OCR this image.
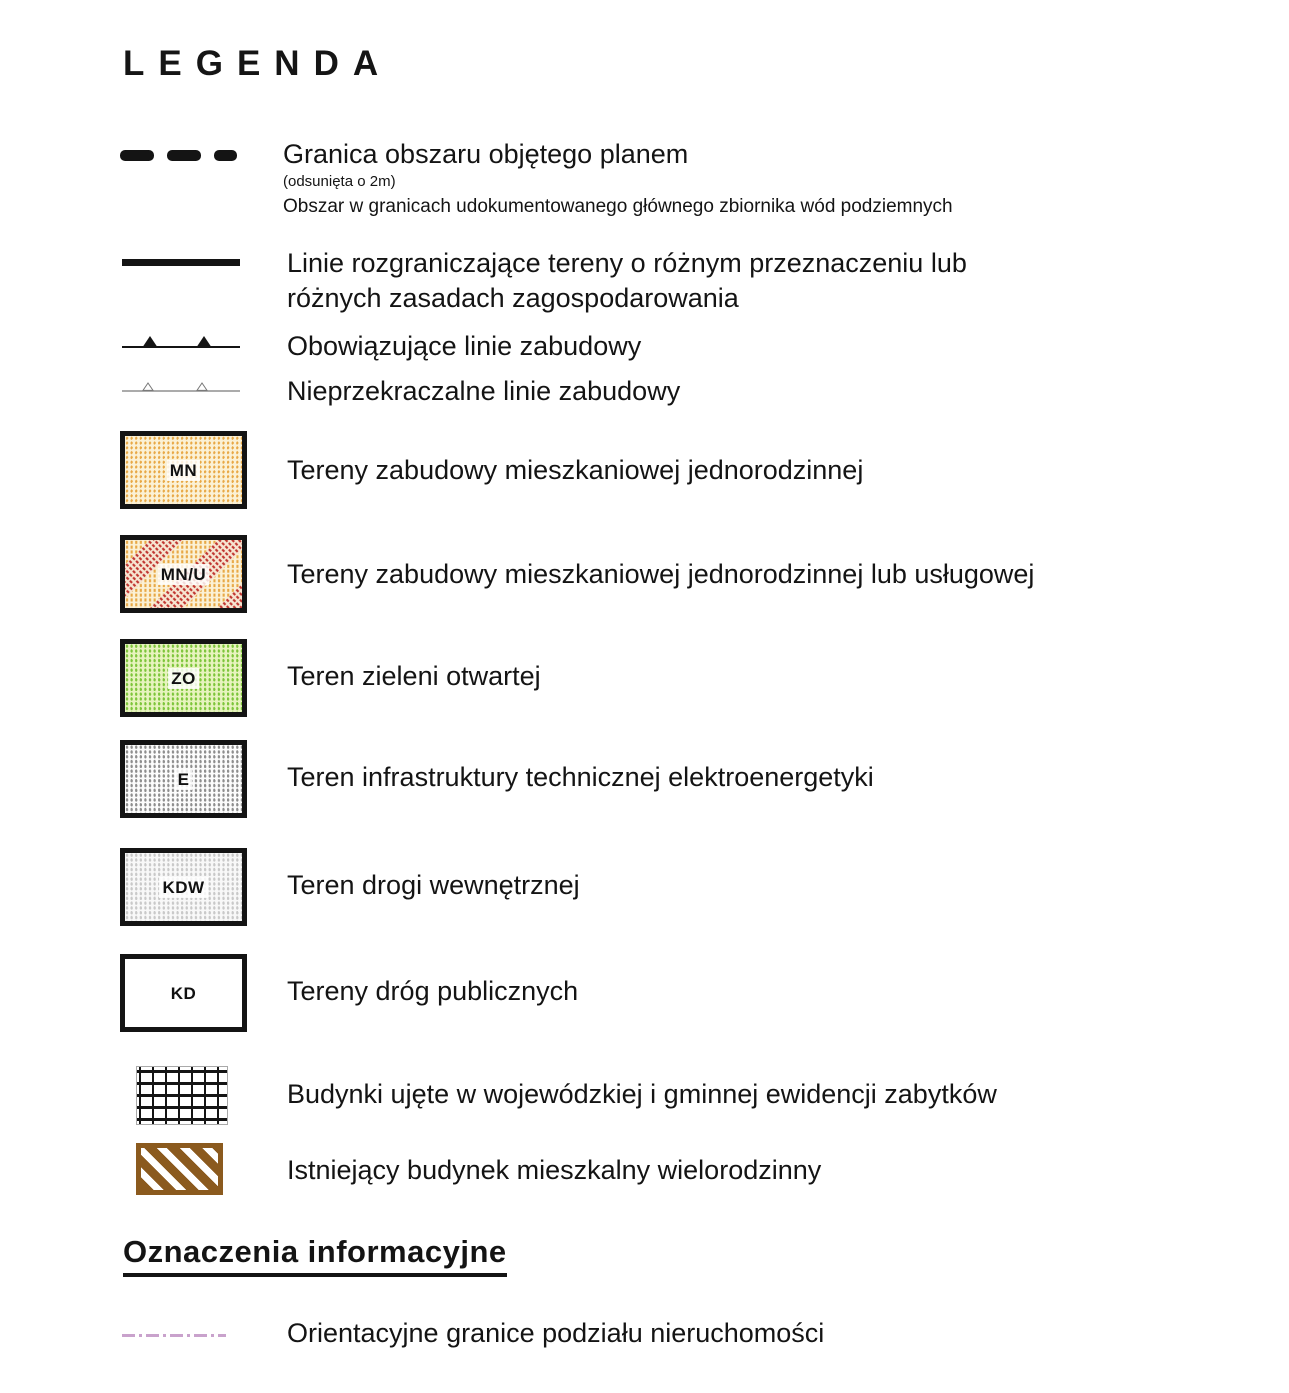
LEGENDA
Granica obszaru objętego planem
(odsunięta o 2m)
Obszar w granicach udokumentowanego głównego zbiornika wód podziemnych
Linie rozgraniczające tereny o różnym przeznaczeniu lub różnych zasadach zagospodarowania
Obowiązujące linie zabudowy
Nieprzekraczalne linie zabudowy
MN	Tereny zabudowy mieszkaniowej jednorodzinnej
MN/U	Tereny zabudowy mieszkaniowej jednorodzinnej lub usługowej
ZO	Teren zieleni otwartej
E	Teren infrastruktury technicznej elektroenergetyki
KDW	Teren drogi wewnętrznej
KD	Tereny dróg publicznych
Budynki ujęte w wojewódzkiej i gminnej ewidencji zabytków
Istniejący budynek mieszkalny wielorodzinny
Oznaczenia informacyjne
Orientacyjne granice podziału nieruchomości
